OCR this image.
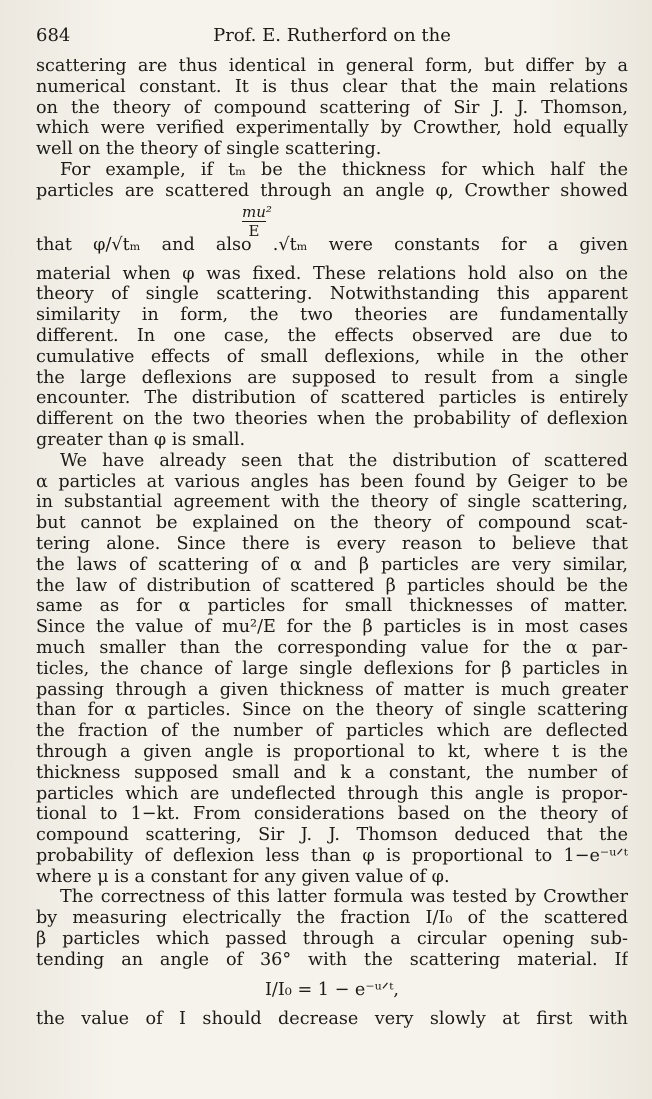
684	Prof. E. Rutherford on the
scattering are thus identical in general form, but differ by a
numerical constant. It is thus clear that the main relations
on the theory of compound scattering of Sir J. J. Thomson,
which were verified experimentally by Crowther, hold equally
well on the theory of single scattering.
For example, if tₘ be the thickness for which half the
particles are scattered through an angle φ, Crowther showed
mu²
E
that φ/√tₘ and also .√tₘ were constants for a given
material when φ was fixed. These relations hold also on the
theory of single scattering. Notwithstanding this apparent
similarity in form, the two theories are fundamentally
different. In one case, the effects observed are due to
cumulative effects of small deflexions, while in the other
the large deflexions are supposed to result from a single
encounter. The distribution of scattered particles is entirely
different on the two theories when the probability of deflexion
greater than φ is small.
We have already seen that the distribution of scattered
α particles at various angles has been found by Geiger to be
in substantial agreement with the theory of single scattering,
but cannot be explained on the theory of compound scat-
tering alone. Since there is every reason to believe that
the laws of scattering of α and β particles are very similar,
the law of distribution of scattered β particles should be the
same as for α particles for small thicknesses of matter.
Since the value of mu²/E for the β particles is in most cases
much smaller than the corresponding value for the α par-
ticles, the chance of large single deflexions for β particles in
passing through a given thickness of matter is much greater
than for α particles. Since on the theory of single scattering
the fraction of the number of particles which are deflected
through a given angle is proportional to kt, where t is the
thickness supposed small and k a constant, the number of
particles which are undeflected through this angle is propor-
tional to 1−kt. From considerations based on the theory of
compound scattering, Sir J. J. Thomson deduced that the
probability of deflexion less than φ is proportional to 1−e⁻ᵘᐟᵗ
where μ is a constant for any given value of φ.
The correctness of this latter formula was tested by Crowther
by measuring electrically the fraction I/I₀ of the scattered
β particles which passed through a circular opening sub-
tending an angle of 36° with the scattering material. If
I/I₀ = 1 − e⁻ᵘᐟᵗ,
the value of I should decrease very slowly at first with
